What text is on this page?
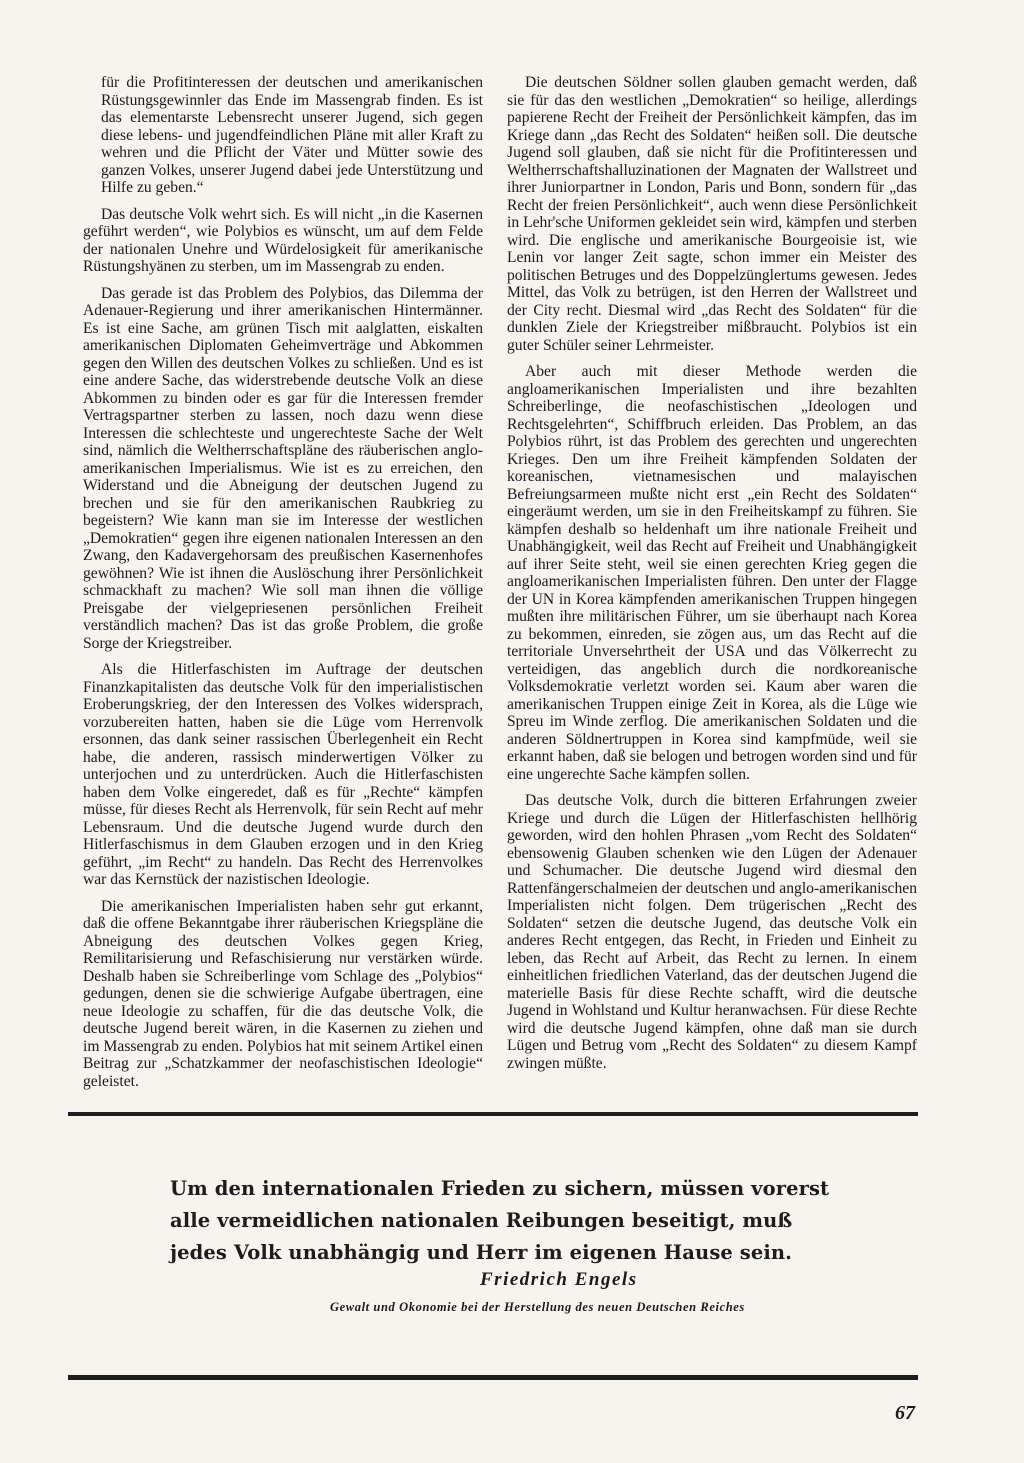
für die Profitinteressen der deutschen und amerikanischen Rüstungsgewinnler das Ende im Massengrab finden. Es ist das elementarste Lebensrecht unserer Jugend, sich gegen diese lebens- und jugendfeindlichen Pläne mit aller Kraft zu wehren und die Pflicht der Väter und Mütter sowie des ganzen Volkes, unserer Jugend dabei jede Unterstützung und Hilfe zu geben.“

Das deutsche Volk wehrt sich. Es will nicht „in die Kasernen geführt werden“, wie Polybios es wünscht, um auf dem Felde der nationalen Unehre und Würdelosigkeit für amerikanische Rüstungshyänen zu sterben, um im Massengrab zu enden.

Das gerade ist das Problem des Polybios, das Dilemma der Adenauer-Regierung und ihrer amerikanischen Hintermänner. Es ist eine Sache, am grünen Tisch mit aalglatten, eiskalten amerikanischen Diplomaten Geheimverträge und Abkommen gegen den Willen des deutschen Volkes zu schließen. Und es ist eine andere Sache, das widerstrebende deutsche Volk an diese Abkommen zu binden oder es gar für die Interessen fremder Vertragspartner sterben zu lassen, noch dazu wenn diese Interessen die schlechteste und ungerechteste Sache der Welt sind, nämlich die Weltherrschaftspläne des räuberischen anglo-amerikanischen Imperialismus. Wie ist es zu erreichen, den Widerstand und die Abneigung der deutschen Jugend zu brechen und sie für den amerikanischen Raubkrieg zu begeistern? Wie kann man sie im Interesse der westlichen „Demokratien“ gegen ihre eigenen nationalen Interessen an den Zwang, den Kadavergehorsam des preußischen Kasernenhofes gewöhnen? Wie ist ihnen die Auslöschung ihrer Persönlichkeit schmackhaft zu machen? Wie soll man ihnen die völlige Preisgabe der vielgepriesenen persönlichen Freiheit verständlich machen? Das ist das große Problem, die große Sorge der Kriegstreiber.

Als die Hitlerfaschisten im Auftrage der deutschen Finanzkapitalisten das deutsche Volk für den imperialistischen Eroberungskrieg, der den Interessen des Volkes widersprach, vorzubereiten hatten, haben sie die Lüge vom Herrenvolk ersonnen, das dank seiner rassischen Überlegenheit ein Recht habe, die anderen, rassisch minderwertigen Völker zu unterjochen und zu unterdrücken. Auch die Hitlerfaschisten haben dem Volke eingeredet, daß es für „Rechte“ kämpfen müsse, für dieses Recht als Herrenvolk, für sein Recht auf mehr Lebensraum. Und die deutsche Jugend wurde durch den Hitlerfaschismus in dem Glauben erzogen und in den Krieg geführt, „im Recht“ zu handeln. Das Recht des Herrenvolkes war das Kernstück der nazistischen Ideologie.

Die amerikanischen Imperialisten haben sehr gut erkannt, daß die offene Bekanntgabe ihrer räuberischen Kriegspläne die Abneigung des deutschen Volkes gegen Krieg, Remilitarisierung und Refaschisierung nur verstärken würde. Deshalb haben sie Schreiberlinge vom Schlage des „Polybios“ gedungen, denen sie die schwierige Aufgabe übertragen, eine neue Ideologie zu schaffen, für die das deutsche Volk, die deutsche Jugend bereit wären, in die Kasernen zu ziehen und im Massengrab zu enden. Polybios hat mit seinem Artikel einen Beitrag zur „Schatzkammer der neofaschistischen Ideologie“ geleistet.

Die deutschen Söldner sollen glauben gemacht werden, daß sie für das den westlichen „Demokratien“ so heilige, allerdings papierene Recht der Freiheit der Persönlichkeit kämpfen, das im Kriege dann „das Recht des Soldaten“ heißen soll. Die deutsche Jugend soll glauben, daß sie nicht für die Profitinteressen und Weltherrschaftshalluzinationen der Magnaten der Wallstreet und ihrer Juniorpartner in London, Paris und Bonn, sondern für „das Recht der freien Persönlichkeit“, auch wenn diese Persönlichkeit in Lehr'sche Uniformen gekleidet sein wird, kämpfen und sterben wird. Die englische und amerikanische Bourgeoisie ist, wie Lenin vor langer Zeit sagte, schon immer ein Meister des politischen Betruges und des Doppelzünglertums gewesen. Jedes Mittel, das Volk zu betrügen, ist den Herren der Wallstreet und der City recht. Diesmal wird „das Recht des Soldaten“ für die dunklen Ziele der Kriegstreiber mißbraucht. Polybios ist ein guter Schüler seiner Lehrmeister.

Aber auch mit dieser Methode werden die angloamerikanischen Imperialisten und ihre bezahlten Schreiberlinge, die neofaschistischen „Ideologen und Rechtsgelehrten“, Schiffbruch erleiden. Das Problem, an das Polybios rührt, ist das Problem des gerechten und ungerechten Krieges. Den um ihre Freiheit kämpfenden Soldaten der koreanischen, vietnamesischen und malayischen Befreiungsarmeen mußte nicht erst „ein Recht des Soldaten“ eingeräumt werden, um sie in den Freiheitskampf zu führen. Sie kämpfen deshalb so heldenhaft um ihre nationale Freiheit und Unabhängigkeit, weil das Recht auf Freiheit und Unabhängigkeit auf ihrer Seite steht, weil sie einen gerechten Krieg gegen die angloamerikanischen Imperialisten führen. Den unter der Flagge der UN in Korea kämpfenden amerikanischen Truppen hingegen mußten ihre militärischen Führer, um sie überhaupt nach Korea zu bekommen, einreden, sie zögen aus, um das Recht auf die territoriale Unversehrtheit der USA und das Völkerrecht zu verteidigen, das angeblich durch die nordkoreanische Volksdemokratie verletzt worden sei. Kaum aber waren die amerikanischen Truppen einige Zeit in Korea, als die Lüge wie Spreu im Winde zerflog. Die amerikanischen Soldaten und die anderen Söldnertruppen in Korea sind kampfmüde, weil sie erkannt haben, daß sie belogen und betrogen worden sind und für eine ungerechte Sache kämpfen sollen.

Das deutsche Volk, durch die bitteren Erfahrungen zweier Kriege und durch die Lügen der Hitlerfaschisten hellhörig geworden, wird den hohlen Phrasen „vom Recht des Soldaten“ ebensowenig Glauben schenken wie den Lügen der Adenauer und Schumacher. Die deutsche Jugend wird diesmal den Rattenfängerschalmeien der deutschen und anglo-amerikanischen Imperialisten nicht folgen. Dem trügerischen „Recht des Soldaten“ setzen die deutsche Jugend, das deutsche Volk ein anderes Recht entgegen, das Recht, in Frieden und Einheit zu leben, das Recht auf Arbeit, das Recht zu lernen. In einem einheitlichen friedlichen Vaterland, das der deutschen Jugend die materielle Basis für diese Rechte schafft, wird die deutsche Jugend in Wohlstand und Kultur heranwachsen. Für diese Rechte wird die deutsche Jugend kämpfen, ohne daß man sie durch Lügen und Betrug vom „Recht des Soldaten“ zu diesem Kampf zwingen müßte.

Um den internationalen Frieden zu sichern, müssen vorerst alle vermeidlichen nationalen Reibungen beseitigt, muß jedes Volk unabhängig und Herr im eigenen Hause sein.
Friedrich Engels
Gewalt und Okonomie bei der Herstellung des neuen Deutschen Reiches
67
